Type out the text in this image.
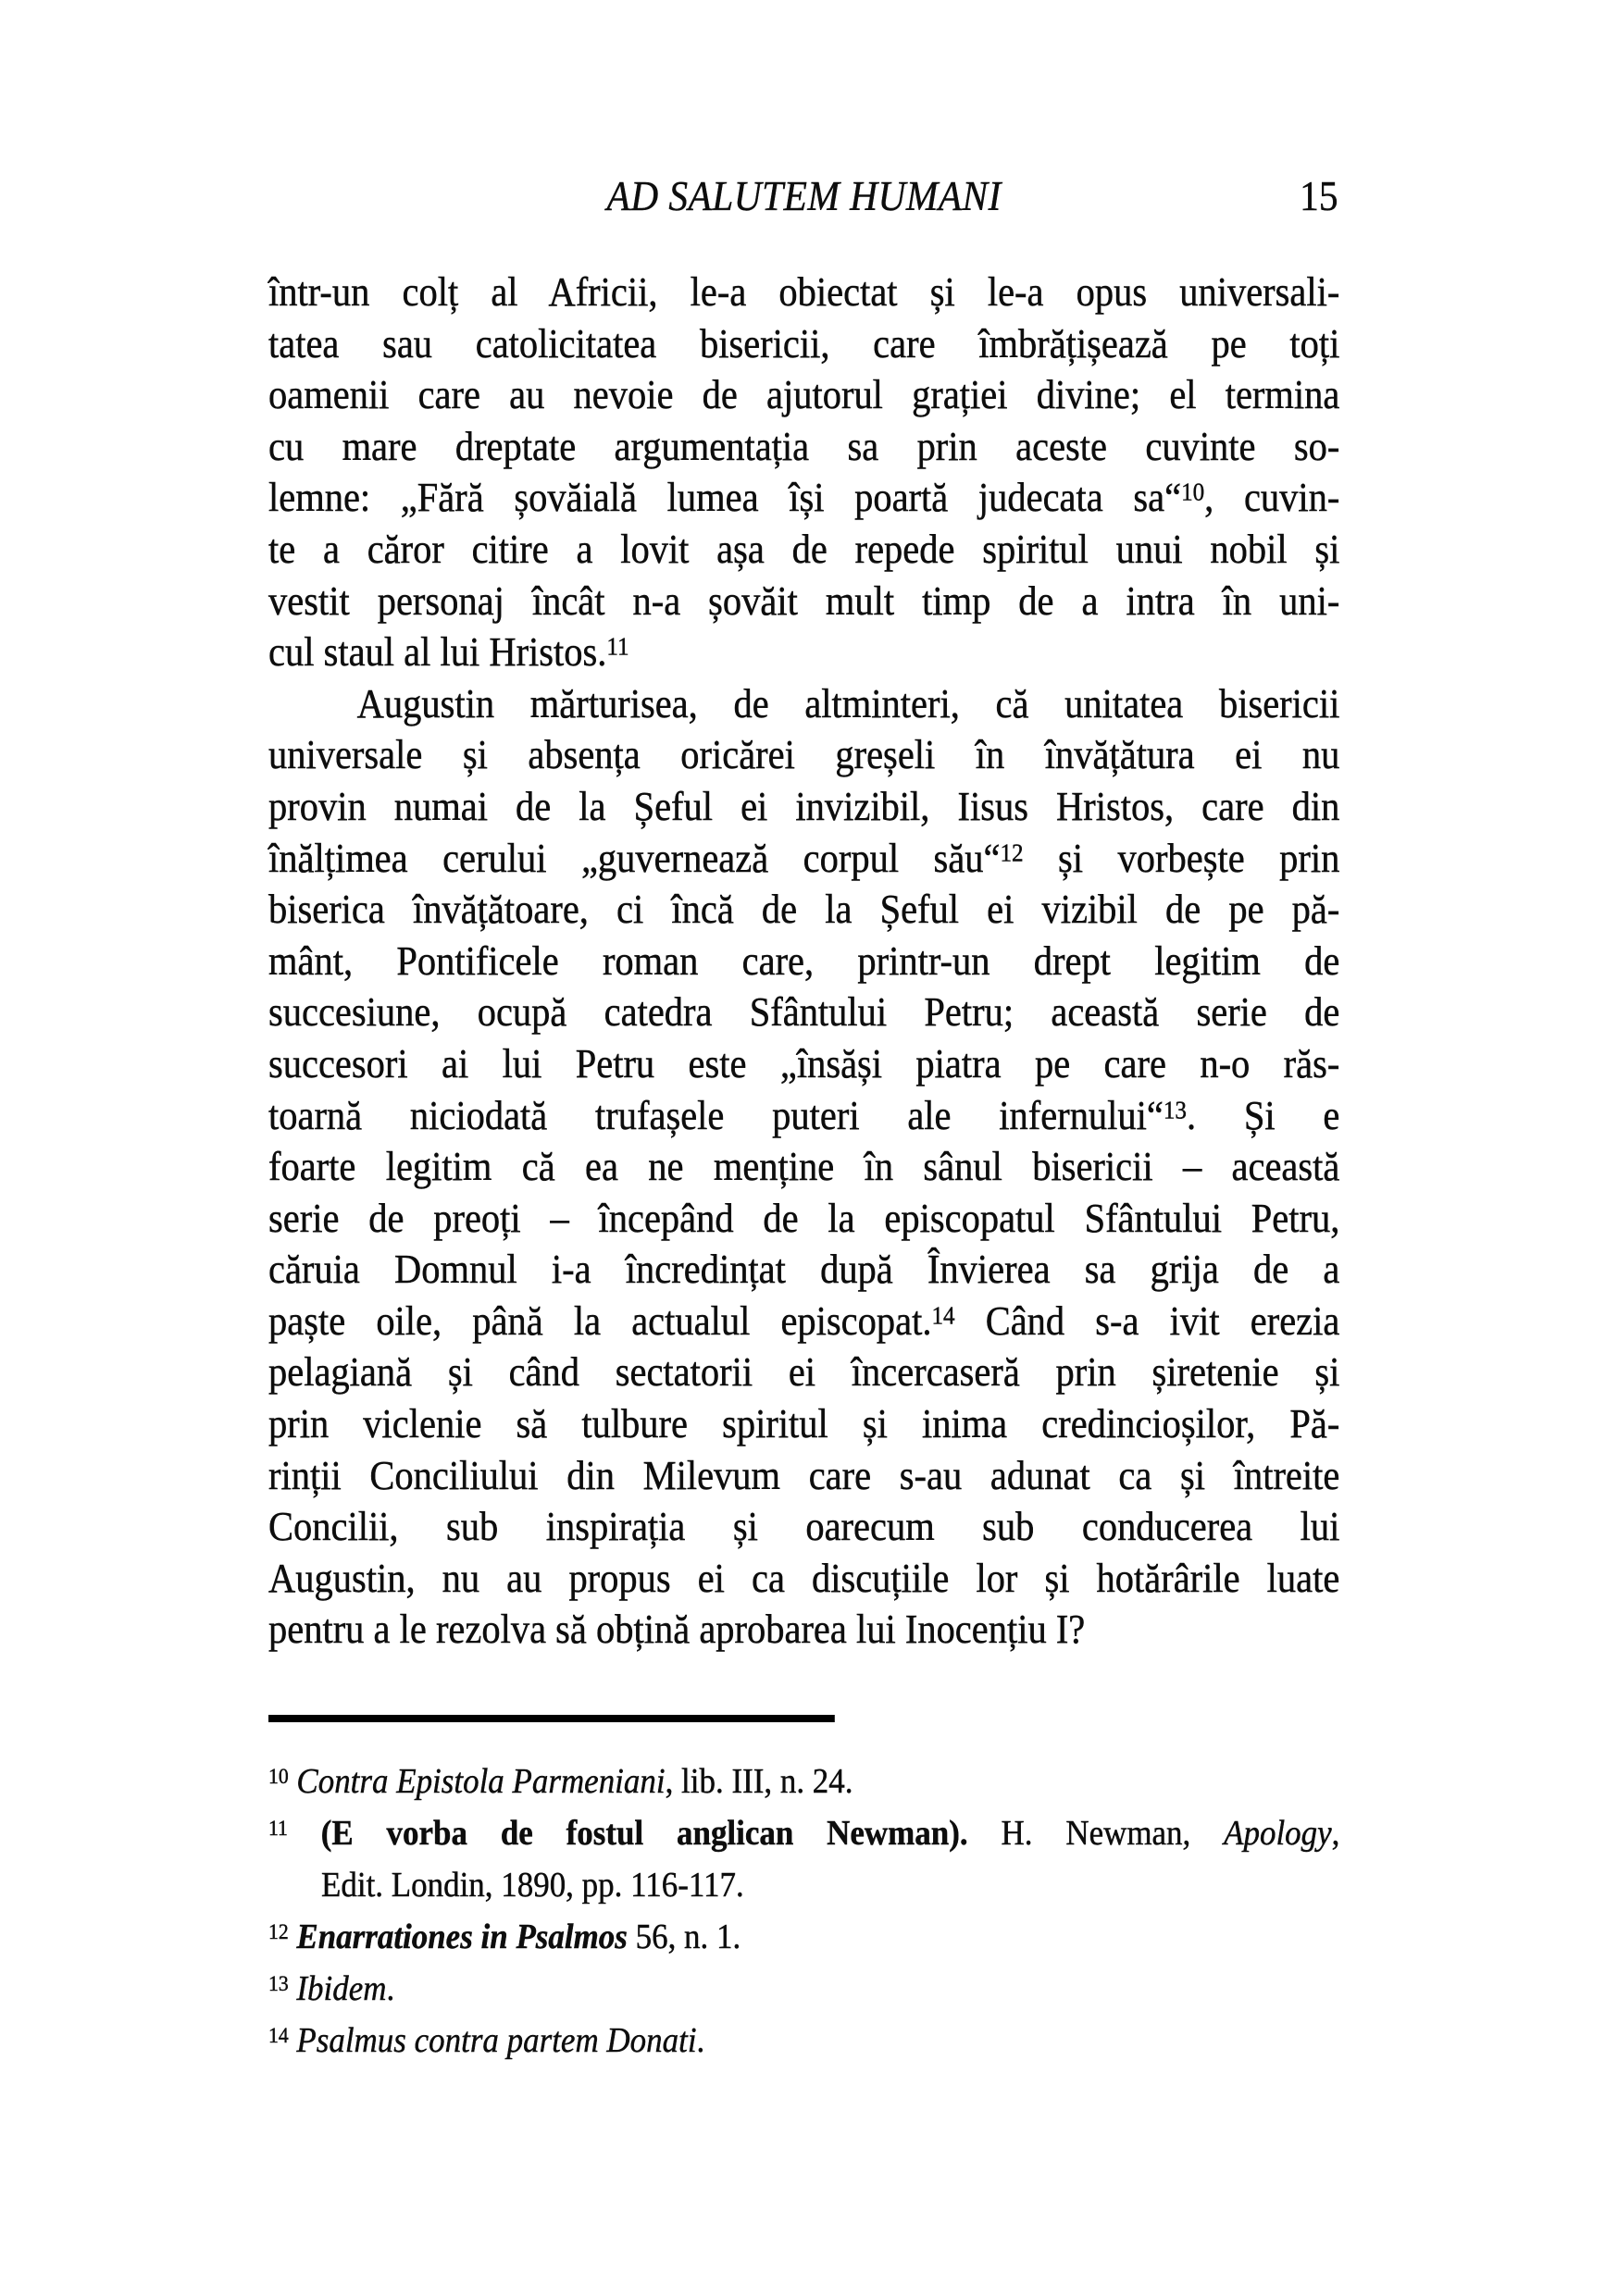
AD SALUTEM HUMANI	15
într-un colț al Africii, le-a obiectat și le-a opus universali-
tatea sau catolicitatea bisericii, care îmbrățișează pe toți
oamenii care au nevoie de ajutorul grației divine; el termina
cu mare dreptate argumentația sa prin aceste cuvinte so-
lemne: „Fără șovăială lumea își poartă judecata sa“$^{10}$, cuvin-
te a căror citire a lovit așa de repede spiritul unui nobil și
vestit personaj încât n-a șovăit mult timp de a intra în uni-
cul staul al lui Hristos.$^{11}$
Augustin mărturisea, de altminteri, că unitatea bisericii
universale și absența oricărei greșeli în învățătura ei nu
provin numai de la Șeful ei invizibil, Iisus Hristos, care din
înălțimea cerului „guvernează corpul său“$^{12}$ și vorbește prin
biserica învățătoare, ci încă de la Șeful ei vizibil de pe pă-
mânt, Pontificele roman care, printr-un drept legitim de
succesiune, ocupă catedra Sfântului Petru; această serie de
succesori ai lui Petru este „însăși piatra pe care n-o răs-
toarnă niciodată trufașele puteri ale infernului“$^{13}$. Și e
foarte legitim că ea ne menține în sânul bisericii – această
serie de preoți – începând de la episcopatul Sfântului Petru,
căruia Domnul i-a încredințat după Învierea sa grija de a
paște oile, până la actualul episcopat.$^{14}$ Când s-a ivit erezia
pelagiană și când sectatorii ei încercaseră prin șiretenie și
prin viclenie să tulbure spiritul și inima credincioșilor, Pă-
rinții Conciliului din Milevum care s-au adunat ca și întreite
Concilii, sub inspirația și oarecum sub conducerea lui
Augustin, nu au propus ei ca discuțiile lor și hotărârile luate
pentru a le rezolva să obțină aprobarea lui Inocențiu I?
$^{10}$ Contra Epistola Parmeniani, lib. III, n. 24.
$^{11}$ (E vorba de fostul anglican Newman). H. Newman, Apology,
Edit. Londin, 1890, pp. 116-117.
$^{12}$ Enarrationes in Psalmos 56, n. 1.
$^{13}$ Ibidem.
$^{14}$ Psalmus contra partem Donati.
